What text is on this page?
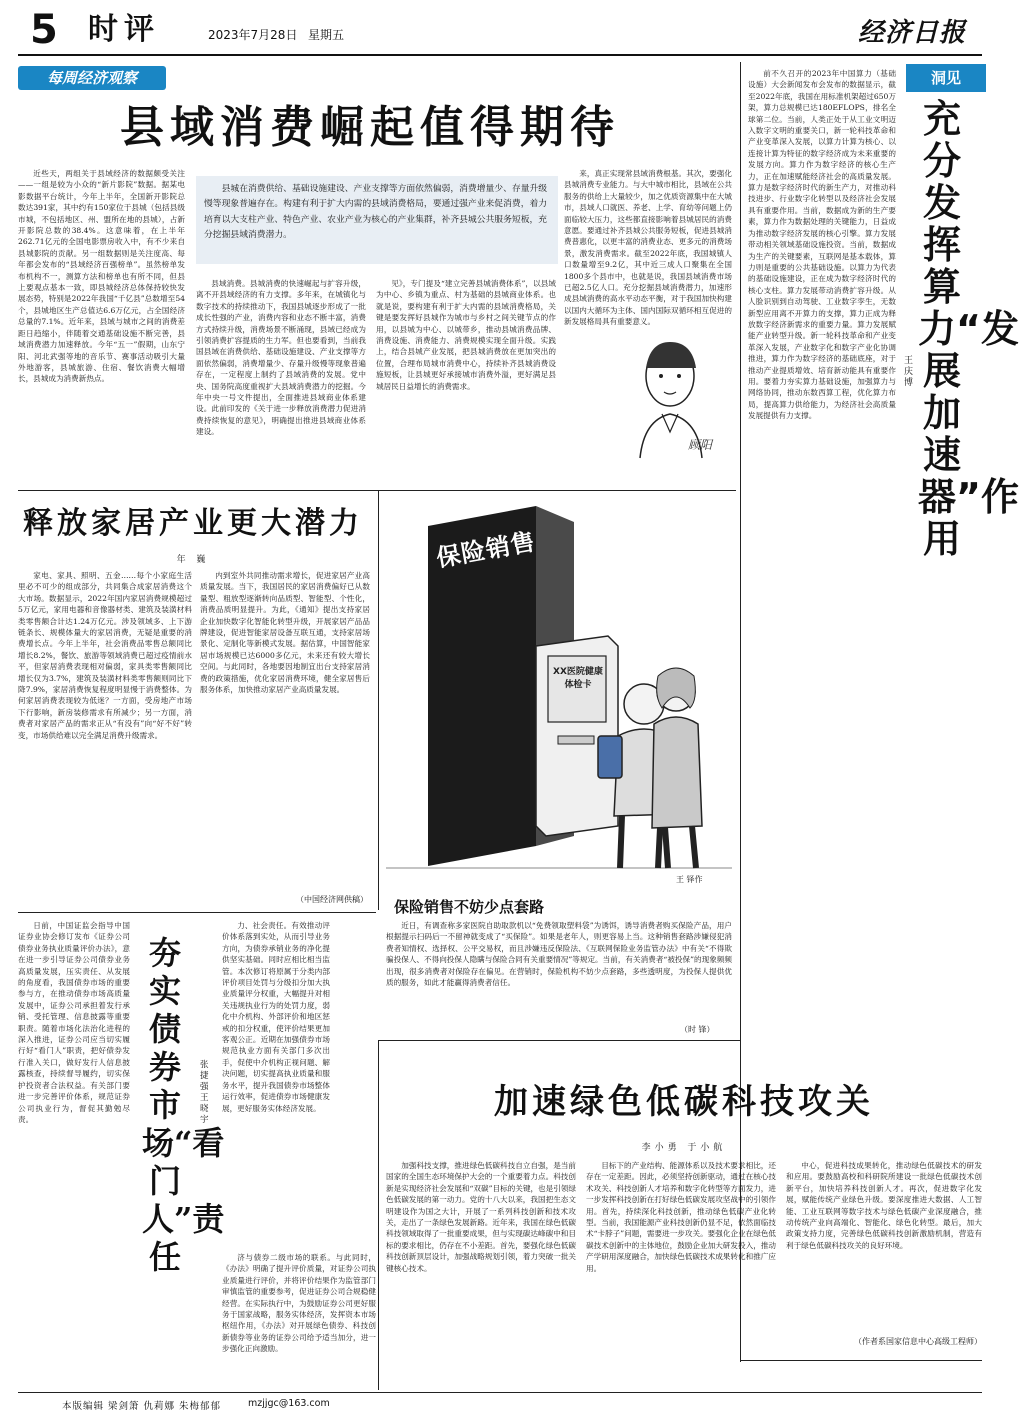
5 时评	2023年7月28日 星期五	经济日报
每周经济观察
县域消费崛起值得期待

近些天，两组关于县域经济的数据颇受关注——一组是较为小众的“新片影院”数据。据某电影数据平台统计，今年上半年，全国新开影院总数达391家，其中约有150家位于县城（包括县级市城，不包括地区、州、盟所在地的县城），占新开影院总数的38.4%。这意味着，在上半年262.71亿元的全国电影票房收入中，有不少来自县城影院的贡献。另一组数据则是关注度高、每年都会发布的“县域经济百强榜单”。虽然榜单发布机构不一，测算方法和榜单也有所不同，但县上要观点基本一致，即县城经济总体保持较快发展态势，特别是2022年我国“千亿县”总数增至54个，县城地区生产总值达6.6万亿元，占全国经济总量的7.1%。近年来，县域与城市之间的消费差距日趋缩小，伴随着交通基础设施不断完善，县域消费潜力加速释放。今年“五一”假期，山东宁阳、河北武强等地的音乐节、赛事活动吸引大量外地游客，县城旅游、住宿、餐饮消费大幅增长，县城成为消费新热点。

县城在消费供给、基础设施建设、产业支撑等方面依然偏弱，消费增量少、存量升级慢等现象普遍存在。构建有利于扩大内需的县域消费格局，要通过强产业来促消费，着力培育以大支柱产业、特色产业、农业产业为核心的产业集群，补齐县城公共服务短板，充分挖掘县域消费潜力。

县域消费。县城消费的快速崛起与扩容升级，离不开县域经济的有力支撑。多年来，在城镇化与数字技术的持续推动下，我国县城逐步形成了一批成长性强的产业，消费内容和业态不断丰富，消费方式持续升级，消费场景不断涌现，县域已经成为引领消费扩容提质的生力军。但也要看到，当前我国县域在消费供给、基础设施建设、产业支撑等方面依然偏弱，消费增量少、存量升级慢等现象普遍存在，一定程度上制约了县域消费的发展。党中央、国务院高度重视扩大县域消费潜力的挖掘。今年中央一号文件提出，全面推进县域商业体系建设。此前印发的《关于进一步释放消费潜力促进消费持续恢复的意见》，明确提出推进县域商业体系建设。

见》，专门提及“建立完善县城消费体系”，以县域为中心、乡镇为重点、村为基础的县城商业体系。也就是说，要构建有利于扩大内需的县域消费格局，关键是要发挥好县城作为城市与乡村之间关键节点的作用，以县城为中心、以城带乡，推动县城消费品牌、消费设施、消费能力、消费规模实现全面升级。实践上，结合县城产业发展，把县城消费放在更加突出的位置，合理布局城市消费中心，持续补齐县城消费设施短板，让县城更好承接城市消费外溢，更好满足县城居民日益增长的消费需求。

来，真正实现常县域消费根基。其次，要强化县城消费专业能力。与大中城市相比，县域在公共服务的供给上大量较少，加之优质资源集中在大城市，县域人口就医、养老、上学、育幼等问题上仍面临较大压力，这些都直接影响着县城居民的消费意愿。要通过补齐县城公共服务短板，促进县城消费普惠化，以更丰富的消费业态、更多元的消费场景，激发消费需求。截至2022年底，我国城镇人口数量增至9.2亿，其中近三成人口聚集在全国1800多个县市中，也就是说，我国县域消费市场已超2.5亿人口。充分挖掘县域消费潜力，加速形成县域消费的高水平动态平衡，对于我国加快构建以国内大循环为主体、国内国际双循环相互促进的新发展格局具有重要意义。

顾阳

前不久召开的2023年中国算力（基础设施）大会新闻发布会发布的数据显示，截至2022年底，我国在用标准机架超过650万架，算力总规模已达180EFLOPS，排名全球第二位。当前，人类正处于从工业文明迈入数字文明的重要关口，新一轮科技革命和产业变革深入发展，以算力计算为核心、以连接计算为特征的数字经济成为未来重要的发展方向。算力作为数字经济的核心生产力，正在加速赋能经济社会的高质量发展。算力是数字经济时代的新生产力，对推动科技进步、行业数字化转型以及经济社会发展具有重要作用。当前，数据成为新的生产要素，算力作为数据处理的关键能力，日益成为推动数字经济发展的核心引擎。算力发展带动相关领域基础设施投资。当前，数据成为生产的关键要素，互联网是基本载体，算力则是重要的公共基础设施。以算力为代表的基础设施建设，正在成为数字经济时代的核心支柱。算力发展带动消费扩容升级。从人脸识别到自动驾驶、工业数字孪生，无数新型应用离不开算力的支撑，算力正成为释放数字经济新需求的重要力量。算力发展赋能产业转型升级。新一轮科技革命和产业变革深入发展，产业数字化和数字产业化协调推进，算力作为数字经济的基础底座，对于推动产业提质增效、培育新动能具有重要作用。要着力夯实算力基础设施，加强算力与网络协同，推动东数西算工程，优化算力布局，提高算力供给能力，为经济社会高质量发展提供有力支撑。

洞见
充分发挥算力“发展加速器”作用
王庆博
（作者系国家信息中心高级工程师）
释放家居产业更大潜力
年 巍

家电、家具、照明、五金……每个小家庭生活里必不可少的组成部分，共同集合成家居消费这个大市场。数据显示，2022年国内家居消费规模超过5万亿元，家用电器和音像器材类、建筑及装潢材料类零售额合计达1.24万亿元。涉及领域多、上下游链条长、规模体量大的家居消费，无疑是重要的消费增长点。今年上半年，社会消费品零售总额同比增长8.2%，餐饮、旅游等领域消费已超过疫情前水平，但家居消费表现相对偏弱，家具类零售额同比增长仅为3.7%，建筑及装潢材料类零售额则同比下降7.9%，家居消费恢复程度明显慢于消费整体。为何家居消费表现较为低迷？一方面，受房地产市场下行影响，新房装修需求有所减少；另一方面，消费者对家居产品的需求正从“有没有”向“好不好”转变，市场供给难以完全满足消费升级需求。

内到室外共同推动需求增长，促进家居产业高质量发展。当下，我国居民的家居消费偏好已从数量型、粗放型逐渐转向品质型、智能型、个性化，消费品质明显提升。为此，《通知》提出支持家居企业加快数字化智能化转型升级，开展家居产品品牌建设，促进智能家居设备互联互通，支持家居场景化、定制化等新模式发展。据估算，中国智能家居市场规模已达6000多亿元，未来还有较大增长空间。与此同时，各地要因地制宜出台支持家居消费的政策措施，优化家居消费环境，健全家居售后服务体系，加快推动家居产业高质量发展。

（中国经济网供稿）
保险销售
XX医院健康体检卡
王 铎作
保险销售不妨少点套路

近日，有调查称多家医院自助取款机以“免费领取塑料袋”为诱饵，诱导消费者购买保险产品，用户根据提示扫码后一不留神就变成了“买保险”。如果是老年人，则更容易上当。这种销售套路涉嫌侵犯消费者知情权、选择权、公平交易权，而且涉嫌违反保险法、《互联网保险业务监管办法》中有关“不得欺骗投保人、不得向投保人隐瞒与保险合同有关重要情况”等规定。当前，有关消费者“被投保”的现象频频出现，很多消费者对保险存在偏见。在营销时，保险机构不妨少点套路，多些透明度，为投保人提供优质的服务，如此才能赢得消费者信任。

（时 锋）

日前，中国证监会指导中国证券业协会修订发布《证券公司债券业务执业质量评价办法》，意在进一步引导证券公司债券业务高质量发展，压实责任、从发展的角度看，我国债券市场的重要参与方，在推动债券市场高质量发展中，证券公司承担着发行承销、受托管理、信息披露等重要职责。随着市场化法治化进程的深入推进，证券公司应当切实履行好“看门人”职责，把好债券发行准入关口，做好发行人信息披露核查，持续督导履约，切实保护投资者合法权益。有关部门要进一步完善评价体系，规范证券公司执业行为，督促其勤勉尽责。

夯实债券市场“看门人”责任
张捷强 王晓宇

力、社会责任。有效推动评价体系落到实处，从而引导业务方向，为债券承销业务的净化提供坚实基础。同时应相比相当监管。本次修订将原属于分类内部评价项目处罚与分级扣分加大执业质量评分权重，大幅提升对相关违规执业行为的处罚力度，弱化中介机构、外部评价和地区惩戒的扣分权重，使评价结果更加客观公正。近期在加强债券市场规范执业方面有关部门多次出手，促使中介机构正视问题、解决问题，切实提高执业质量和服务水平，提升我国债券市场整体运行效率，促进债券市场健康发展，更好服务实体经济发展。

济与债券二级市场的联系。与此同时，《办法》明确了提升评价质量，对证券公司执业质量进行评价，并将评价结果作为监管部门审慎监管的重要参考，促进证券公司合规稳健经营。在实际执行中，为鼓励证券公司更好服务于国家战略，服务实体经济，发挥资本市场枢纽作用，《办法》对开展绿色债券、科技创新债券等业务的证券公司给予适当加分，进一步强化正向激励。

加速绿色低碳科技攻关
李小勇 于小航

加强科技支撑，推进绿色低碳科技自立自强，是当前国家的全国生态环境保护大会的一个重要着力点。科技创新是实现经济社会发展和“双碳”目标的关键，也是引领绿色低碳发展的第一动力。党的十八大以来，我国把生态文明建设作为国之大计，开展了一系列科技创新和技术攻关，走出了一条绿色发展新路。近年来，我国在绿色低碳科技领域取得了一批重要成果，但与实现碳达峰碳中和目标的要求相比，仍存在不小差距。首先，要强化绿色低碳科技创新顶层设计，加强战略规划引领，着力突破一批关键核心技术。

目标下的产业结构、能源体系以及技术要求相比，还存在一定差距。因此，必须坚持创新驱动，通过在核心技术攻关、科技创新人才培养和数字化转型等方面发力，进一步发挥科技创新在打好绿色低碳发展攻坚战中的引领作用。首先，持续深化科技创新，推动绿色低碳产业化转型。当前，我国能源产业科技创新仍显不足，依然面临技术“卡脖子”问题，需要进一步攻关。要强化企业在绿色低碳技术创新中的主体地位，鼓励企业加大研发投入，推动产学研用深度融合，加快绿色低碳技术成果转化和推广应用。

中心，促进科技成果转化，推动绿色低碳技术的研发和应用。要鼓励高校和科研院所建设一批绿色低碳技术创新平台，加快培养科技创新人才。再次，促进数字化发展，赋能传统产业绿色升级。要深度推进大数据、人工智能、工业互联网等数字技术与绿色低碳产业深度融合，推动传统产业向高端化、智能化、绿色化转型。最后，加大政策支持力度，完善绿色低碳科技创新激励机制，营造有利于绿色低碳科技攻关的良好环境。

本版编辑 梁剑箫 仇莉娜 朱梅郁郁	mzjjgc@163.com
